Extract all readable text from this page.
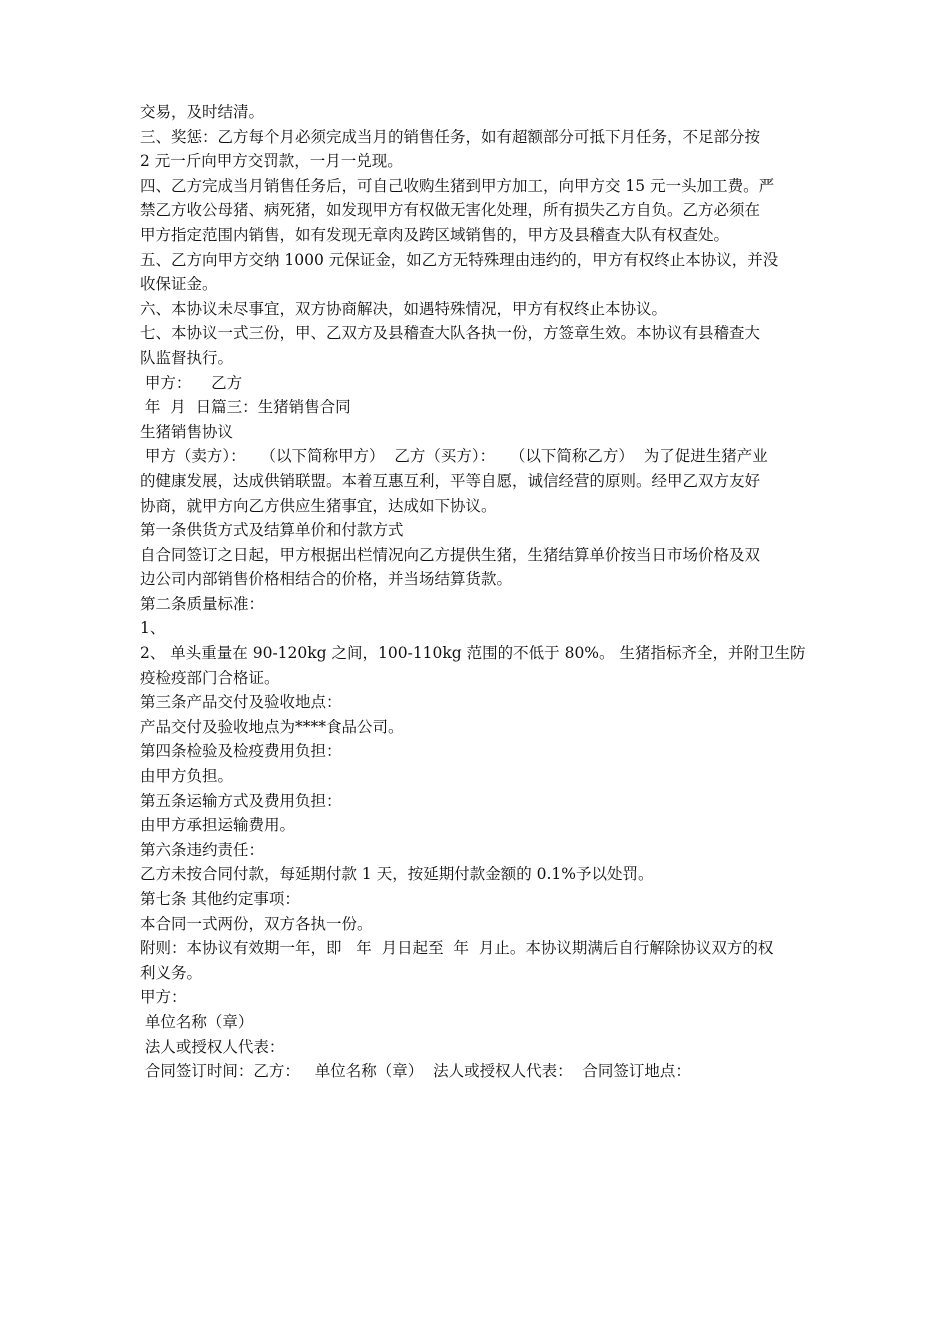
交易，及时结清。
三、奖惩：乙方每个月必须完成当月的销售任务，如有超额部分可抵下月任务，不足部分按
2 元一斤向甲方交罚款，一月一兑现。
四、乙方完成当月销售任务后，可自己收购生猪到甲方加工，向甲方交 15 元一头加工费。严
禁乙方收公母猪、病死猪，如发现甲方有权做无害化处理，所有损失乙方自负。乙方必须在
甲方指定范围内销售，如有发现无章肉及跨区域销售的，甲方及县稽查大队有权查处。
五、乙方向甲方交纳 1000 元保证金，如乙方无特殊理由违约的，甲方有权终止本协议，并没
收保证金。
六、本协议未尽事宜，双方协商解决，如遇特殊情况，甲方有权终止本协议。
七、本协议一式三份，甲、乙双方及县稽查大队各执一份，方签章生效。本协议有县稽查大
队监督执行。
甲方：    乙方
年  月  日篇三：生猪销售合同
生猪销售协议
甲方（卖方）：   （以下简称甲方）  乙方（买方）：   （以下简称乙方）  为了促进生猪产业
的健康发展，达成供销联盟。本着互惠互利，平等自愿，诚信经营的原则。经甲乙双方友好
协商，就甲方向乙方供应生猪事宜，达成如下协议。
第一条供货方式及结算单价和付款方式
自合同签订之日起，甲方根据出栏情况向乙方提供生猪，生猪结算单价按当日市场价格及双
边公司内部销售价格相结合的价格，并当场结算货款。
第二条质量标准：
1、
2、 单头重量在 90-120kg 之间，100-110kg 范围的不低于 80%。 生猪指标齐全，并附卫生防
疫检疫部门合格证。
第三条产品交付及验收地点：
产品交付及验收地点为****食品公司。
第四条检验及检疫费用负担：
由甲方负担。
第五条运输方式及费用负担：
由甲方承担运输费用。
第六条违约责任：
乙方未按合同付款，每延期付款 1 天，按延期付款金额的 0.1%予以处罚。
第七条 其他约定事项：
本合同一式两份，双方各执一份。
附则：本协议有效期一年，即   年  月日起至  年  月止。本协议期满后自行解除协议双方的权
利义务。
甲方：
单位名称（章）
法人或授权人代表：
合同签订时间：乙方：   单位名称（章）  法人或授权人代表：  合同签订地点：
